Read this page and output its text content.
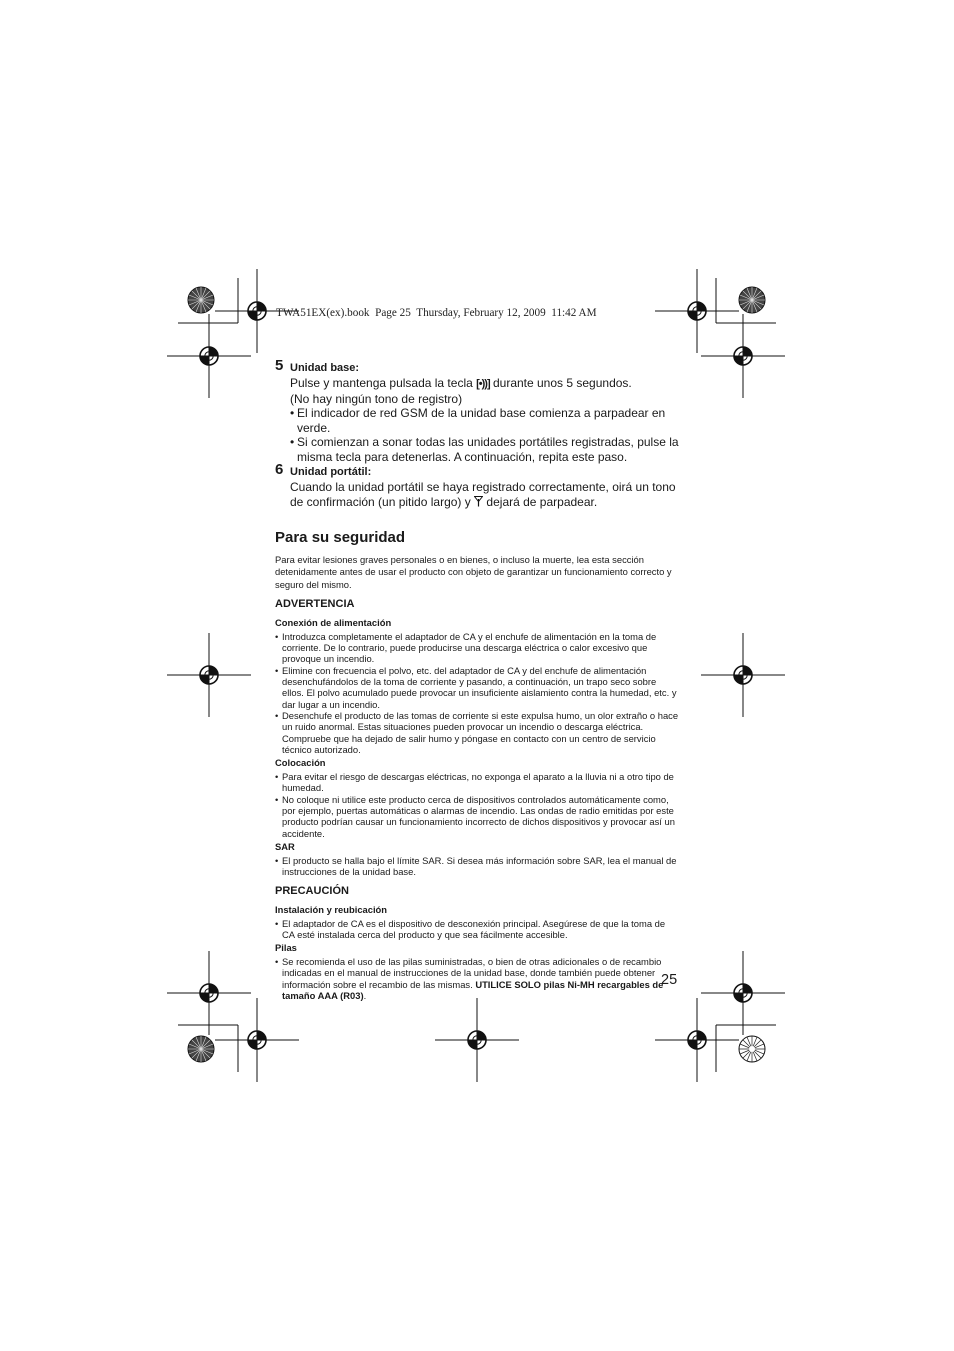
TWA51EX(ex).book  Page 25  Thursday, February 12, 2009  11:42 AM
5 Unidad base:

Pulse y mantenga pulsada la tecla [•))] durante unos 5 segundos.

(No hay ningún tono de registro)

• El indicador de red GSM de la unidad base comienza a parpadear en verde.

• Si comienzan a sonar todas las unidades portátiles registradas, pulse la misma tecla para detenerlas. A continuación, repita este paso.

6 Unidad portátil:

Cuando la unidad portátil se haya registrado correctamente, oirá un tono de confirmación (un pitido largo) y  dejará de parpadear.

Para su seguridad

Para evitar lesiones graves personales o en bienes, o incluso la muerte, lea esta sección detenidamente antes de usar el producto con objeto de garantizar un funcionamiento correcto y seguro del mismo.

ADVERTENCIA
Conexión de alimentación
• Introduzca completamente el adaptador de CA y el enchufe de alimentación en la toma de corriente. De lo contrario, puede producirse una descarga eléctrica o calor excesivo que provoque un incendio.
• Elimine con frecuencia el polvo, etc. del adaptador de CA y del enchufe de alimentación desenchufándolos de la toma de corriente y pasando, a continuación, un trapo seco sobre ellos. El polvo acumulado puede provocar un insuficiente aislamiento contra la humedad, etc. y dar lugar a un incendio.
• Desenchufe el producto de las tomas de corriente si este expulsa humo, un olor extraño o hace un ruido anormal. Estas situaciones pueden provocar un incendio o descarga eléctrica. Compruebe que ha dejado de salir humo y póngase en contacto con un centro de servicio técnico autorizado.
Colocación
• Para evitar el riesgo de descargas eléctricas, no exponga el aparato a la lluvia ni a otro tipo de humedad.
• No coloque ni utilice este producto cerca de dispositivos controlados automáticamente como, por ejemplo, puertas automáticas o alarmas de incendio. Las ondas de radio emitidas por este producto podrían causar un funcionamiento incorrecto de dichos dispositivos y provocar así un accidente.
SAR
• El producto se halla bajo el límite SAR. Si desea más información sobre SAR, lea el manual de instrucciones de la unidad base.
PRECAUCIÓN
Instalación y reubicación
• El adaptador de CA es el dispositivo de desconexión principal. Asegúrese de que la toma de CA esté instalada cerca del producto y que sea fácilmente accesible.
Pilas
• Se recomienda el uso de las pilas suministradas, o bien de otras adicionales o de recambio indicadas en el manual de instrucciones de la unidad base, donde también puede obtener información sobre el recambio de las mismas. UTILICE SOLO pilas Ni-MH recargables de tamaño AAA (R03).
25
